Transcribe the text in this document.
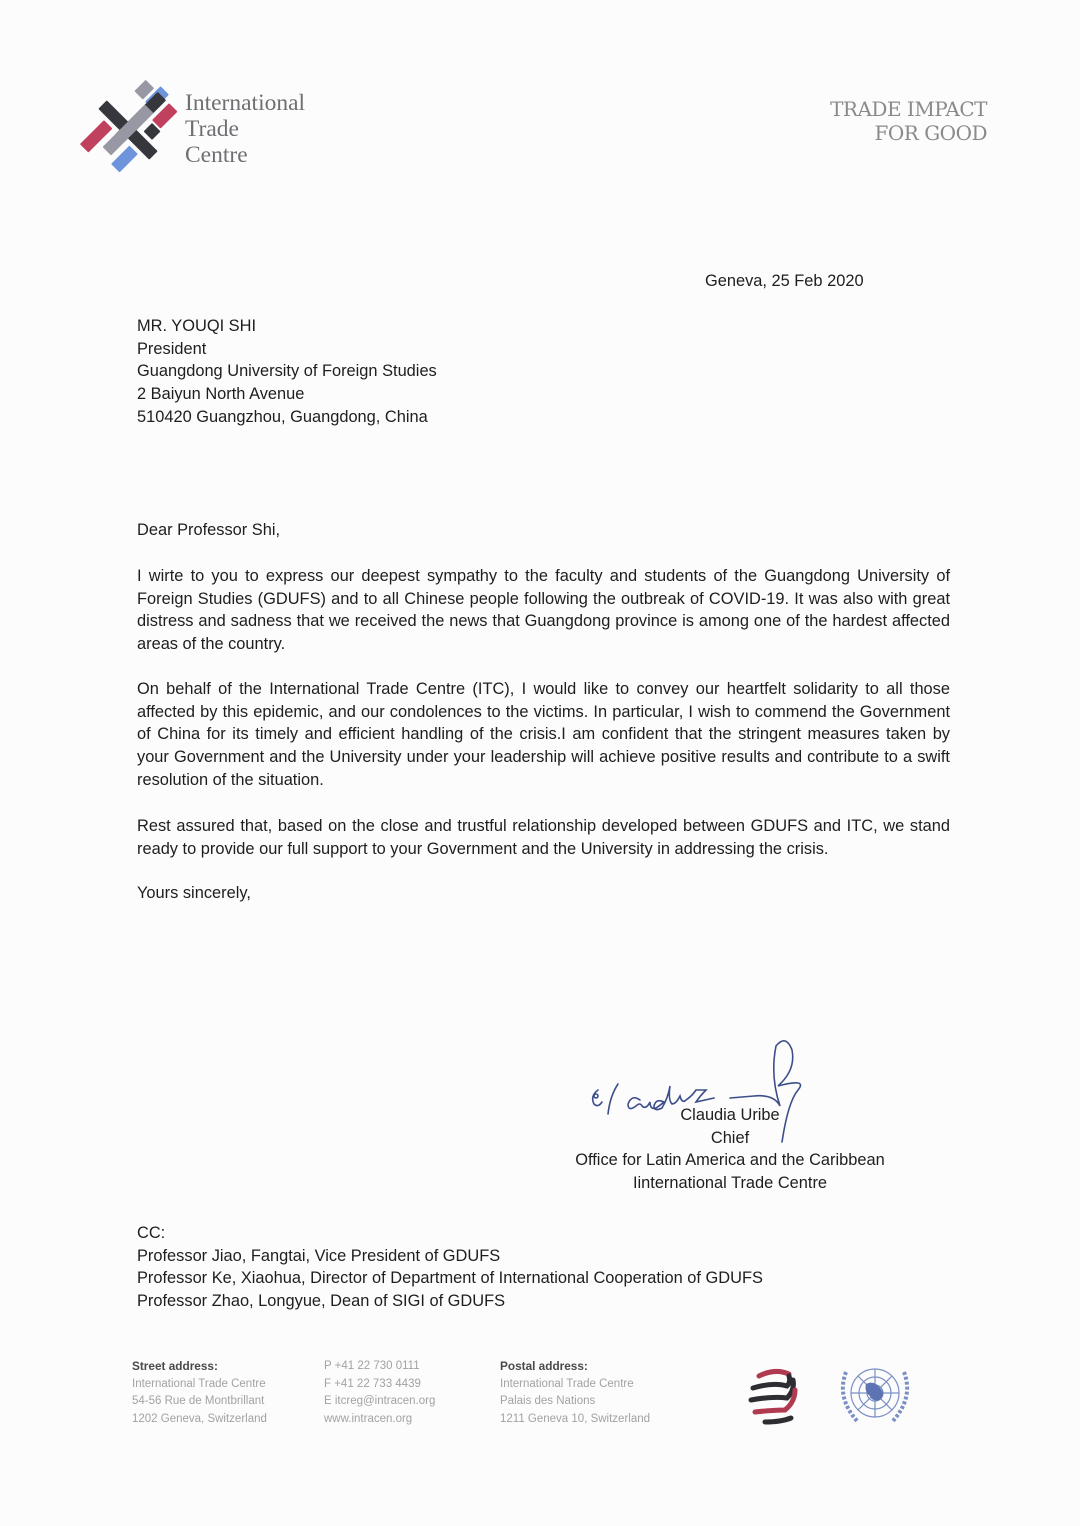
International
Trade
Centre
TRADE IMPACT
FOR GOOD
Geneva, 25 Feb 2020
MR. YOUQI SHI
President
Guangdong University of Foreign Studies
2 Baiyun North Avenue
510420 Guangzhou, Guangdong, China
Dear Professor Shi,
I wirte to you to express our deepest sympathy to the faculty and students of the Guangdong University of Foreign Studies (GDUFS) and to all Chinese people following the outbreak of COVID-19. It was also with great distress and sadness that we received the news that Guangdong province is among one of the hardest affected areas of the country.
On behalf of the International Trade Centre (ITC), I would like to convey our heartfelt solidarity to all those affected by this epidemic, and our condolences to the victims. In particular, I wish to commend the Government of China for its timely and efficient handling of the crisis.I am confident that the stringent measures taken by your Government and the University under your leadership will achieve positive results and contribute to a swift resolution of the situation.
Rest assured that, based on the close and trustful relationship developed between GDUFS and ITC, we stand ready to provide our full support to your Government and the University in addressing the crisis.
Yours sincerely,
Claudia Uribe
Chief
Office for Latin America and the Caribbean
Iinternational Trade Centre
CC:
Professor Jiao, Fangtai, Vice President of GDUFS
Professor Ke, Xiaohua, Director of Department of International Cooperation of GDUFS
Professor Zhao, Longyue, Dean of SIGI of GDUFS
Street address:
International Trade Centre
54-56 Rue de Montbrillant
1202 Geneva, Switzerland
P +41 22 730 0111
F +41 22 733 4439
E itcreg@intracen.org
www.intracen.org
Postal address:
International Trade Centre
Palais des Nations
1211 Geneva 10, Switzerland
